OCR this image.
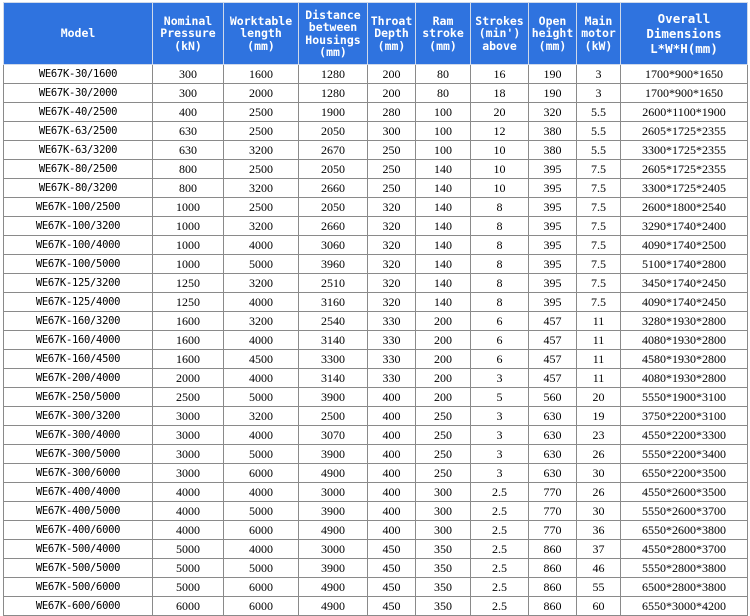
Model	Nominal
Pressure
(kN)	Worktable
length
(mm)	Distance
between
Housings
(mm)	Throat
Depth
(mm)	Ram
stroke
(mm)	Strokes
(min')
above	Open
height
(mm)	Main
motor
(kW)	Overall
Dimensions
L*W*H(mm)

WE67K-30/1600	300	1600	1280	200	80	16	190	3	1700*900*1650
WE67K-30/2000	300	2000	1280	200	80	18	190	3	1700*900*1650
WE67K-40/2500	400	2500	1900	280	100	20	320	5.5	2600*1100*1900
WE67K-63/2500	630	2500	2050	300	100	12	380	5.5	2605*1725*2355
WE67K-63/3200	630	3200	2670	250	100	10	380	5.5	3300*1725*2355
WE67K-80/2500	800	2500	2050	250	140	10	395	7.5	2605*1725*2355
WE67K-80/3200	800	3200	2660	250	140	10	395	7.5	3300*1725*2405
WE67K-100/2500	1000	2500	2050	320	140	8	395	7.5	2600*1800*2540
WE67K-100/3200	1000	3200	2660	320	140	8	395	7.5	3290*1740*2400
WE67K-100/4000	1000	4000	3060	320	140	8	395	7.5	4090*1740*2500
WE67K-100/5000	1000	5000	3960	320	140	8	395	7.5	5100*1740*2800
WE67K-125/3200	1250	3200	2510	320	140	8	395	7.5	3450*1740*2450
WE67K-125/4000	1250	4000	3160	320	140	8	395	7.5	4090*1740*2450
WE67K-160/3200	1600	3200	2540	330	200	6	457	11	3280*1930*2800
WE67K-160/4000	1600	4000	3140	330	200	6	457	11	4080*1930*2800
WE67K-160/4500	1600	4500	3300	330	200	6	457	11	4580*1930*2800
WE67K-200/4000	2000	4000	3140	330	200	3	457	11	4080*1930*2800
WE67K-250/5000	2500	5000	3900	400	200	5	560	20	5550*1900*3100
WE67K-300/3200	3000	3200	2500	400	250	3	630	19	3750*2200*3100
WE67K-300/4000	3000	4000	3070	400	250	3	630	23	4550*2200*3300
WE67K-300/5000	3000	5000	3900	400	250	3	630	26	5550*2200*3400
WE67K-300/6000	3000	6000	4900	400	250	3	630	30	6550*2200*3500
WE67K-400/4000	4000	4000	3000	400	300	2.5	770	26	4550*2600*3500
WE67K-400/5000	4000	5000	3900	400	300	2.5	770	30	5550*2600*3700
WE67K-400/6000	4000	6000	4900	400	300	2.5	770	36	6550*2600*3800
WE67K-500/4000	5000	4000	3000	450	350	2.5	860	37	4550*2800*3700
WE67K-500/5000	5000	5000	3900	450	350	2.5	860	46	5550*2800*3800
WE67K-500/6000	5000	6000	4900	450	350	2.5	860	55	6500*2800*3800
WE67K-600/6000	6000	6000	4900	450	350	2.5	860	60	6550*3000*4200
